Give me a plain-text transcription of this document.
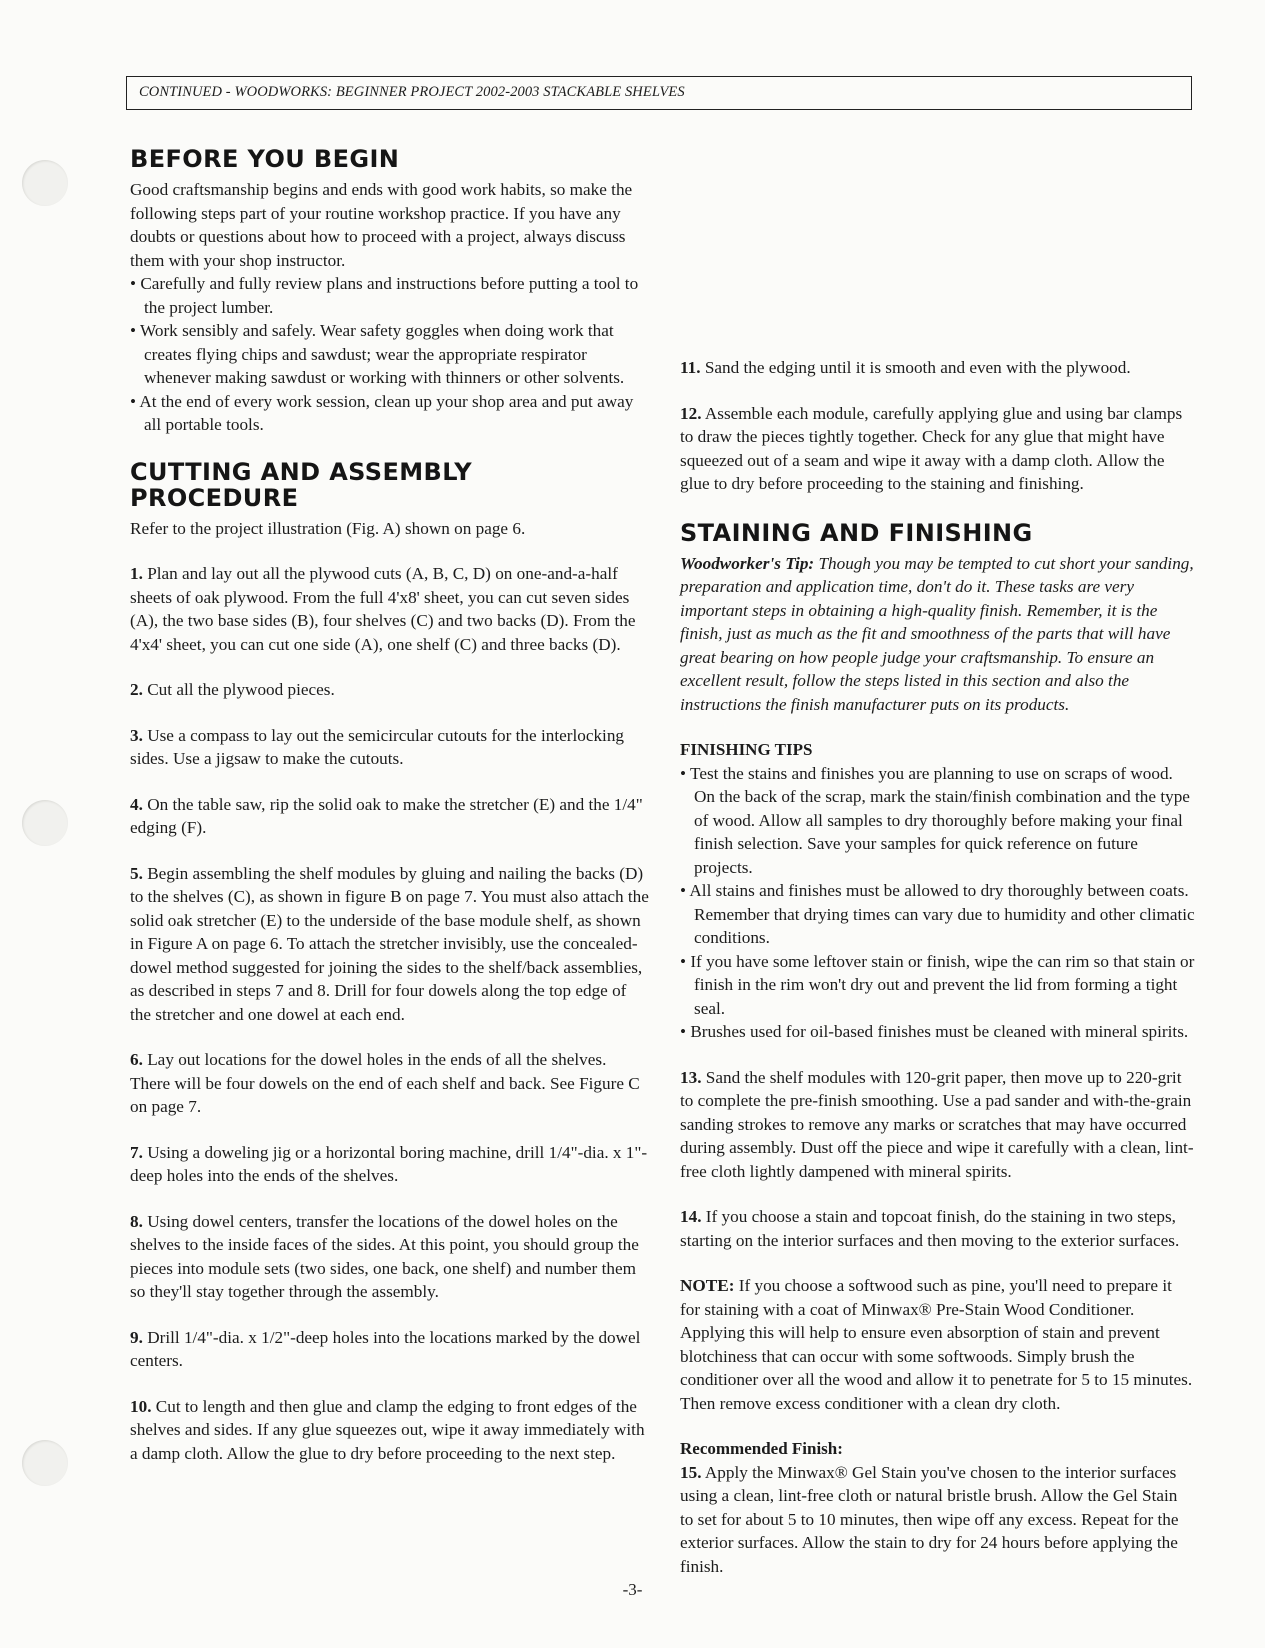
CONTINUED - WOODWORKS: BEGINNER PROJECT 2002-2003 STACKABLE SHELVES
BEFORE YOU BEGIN

Good craftsmanship begins and ends with good work habits, so make the following steps part of your routine workshop practice. If you have any doubts or questions about how to proceed with a project, always discuss them with your shop instructor.

• Carefully and fully review plans and instructions before putting a tool to the project lumber.
• Work sensibly and safely. Wear safety goggles when doing work that creates flying chips and sawdust; wear the appropriate respirator whenever making sawdust or working with thinners or other solvents.
• At the end of every work session, clean up your shop area and put away all portable tools.
CUTTING AND ASSEMBLY PROCEDURE

Refer to the project illustration (Fig. A) shown on page 6.

1. Plan and lay out all the plywood cuts (A, B, C, D) on one-and-a-half sheets of oak plywood. From the full 4'x8' sheet, you can cut seven sides (A), the two base sides (B), four shelves (C) and two backs (D). From the 4'x4' sheet, you can cut one side (A), one shelf (C) and three backs (D).

2. Cut all the plywood pieces.

3. Use a compass to lay out the semicircular cutouts for the interlocking sides. Use a jigsaw to make the cutouts.

4. On the table saw, rip the solid oak to make the stretcher (E) and the 1/4" edging (F).

5. Begin assembling the shelf modules by gluing and nailing the backs (D) to the shelves (C), as shown in figure B on page 7. You must also attach the solid oak stretcher (E) to the underside of the base module shelf, as shown in Figure A on page 6. To attach the stretcher invisibly, use the concealed-dowel method suggested for joining the sides to the shelf/back assemblies, as described in steps 7 and 8. Drill for four dowels along the top edge of the stretcher and one dowel at each end.

6. Lay out locations for the dowel holes in the ends of all the shelves. There will be four dowels on the end of each shelf and back. See Figure C on page 7.

7. Using a doweling jig or a horizontal boring machine, drill 1/4"-dia. x 1"-deep holes into the ends of the shelves.

8. Using dowel centers, transfer the locations of the dowel holes on the shelves to the inside faces of the sides. At this point, you should group the pieces into module sets (two sides, one back, one shelf) and number them so they'll stay together through the assembly.

9. Drill 1/4"-dia. x 1/2"-deep holes into the locations marked by the dowel centers.

10. Cut to length and then glue and clamp the edging to front edges of the shelves and sides. If any glue squeezes out, wipe it away immediately with a damp cloth. Allow the glue to dry before proceeding to the next step.

11. Sand the edging until it is smooth and even with the plywood.

12. Assemble each module, carefully applying glue and using bar clamps to draw the pieces tightly together. Check for any glue that might have squeezed out of a seam and wipe it away with a damp cloth. Allow the glue to dry before proceeding to the staining and finishing.

STAINING AND FINISHING

Woodworker's Tip: Though you may be tempted to cut short your sanding, preparation and application time, don't do it. These tasks are very important steps in obtaining a high-quality finish. Remember, it is the finish, just as much as the fit and smoothness of the parts that will have great bearing on how people judge your craftsmanship. To ensure an excellent result, follow the steps listed in this section and also the instructions the finish manufacturer puts on its products.

FINISHING TIPS

• Test the stains and finishes you are planning to use on scraps of wood. On the back of the scrap, mark the stain/finish combination and the type of wood. Allow all samples to dry thoroughly before making your final finish selection. Save your samples for quick reference on future projects.
• All stains and finishes must be allowed to dry thoroughly between coats. Remember that drying times can vary due to humidity and other climatic conditions.
• If you have some leftover stain or finish, wipe the can rim so that stain or finish in the rim won't dry out and prevent the lid from forming a tight seal.
• Brushes used for oil-based finishes must be cleaned with mineral spirits.

13. Sand the shelf modules with 120-grit paper, then move up to 220-grit to complete the pre-finish smoothing. Use a pad sander and with-the-grain sanding strokes to remove any marks or scratches that may have occurred during assembly. Dust off the piece and wipe it carefully with a clean, lint-free cloth lightly dampened with mineral spirits.

14. If you choose a stain and topcoat finish, do the staining in two steps, starting on the interior surfaces and then moving to the exterior surfaces.

NOTE: If you choose a softwood such as pine, you'll need to prepare it for staining with a coat of Minwax® Pre-Stain Wood Conditioner. Applying this will help to ensure even absorption of stain and prevent blotchiness that can occur with some softwoods. Simply brush the conditioner over all the wood and allow it to penetrate for 5 to 15 minutes. Then remove excess conditioner with a clean dry cloth.

Recommended Finish:

15. Apply the Minwax® Gel Stain you've chosen to the interior surfaces using a clean, lint-free cloth or natural bristle brush. Allow the Gel Stain to set for about 5 to 10 minutes, then wipe off any excess. Repeat for the exterior surfaces. Allow the stain to dry for 24 hours before applying the finish.

-3-
